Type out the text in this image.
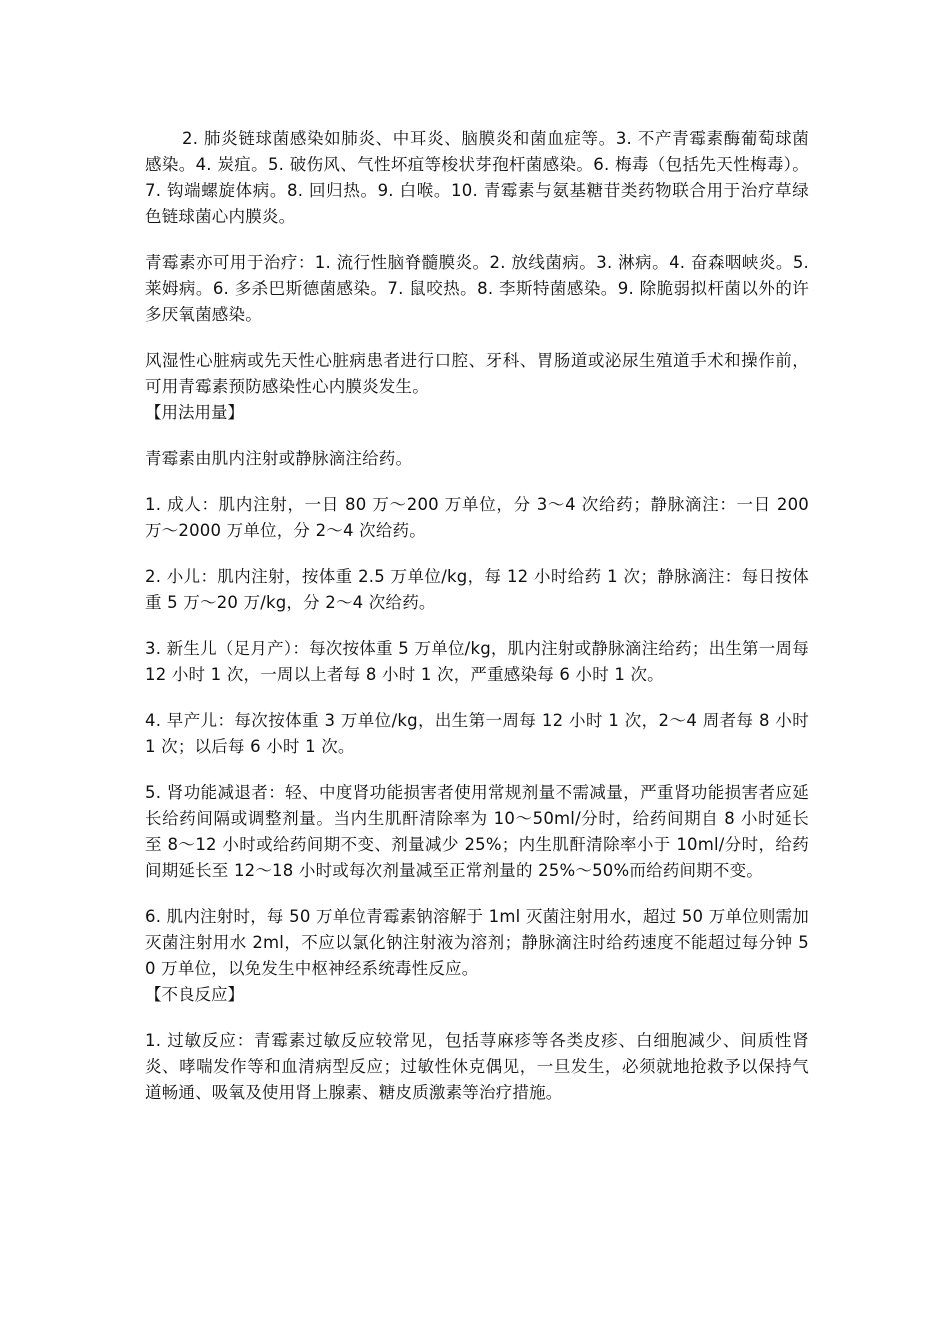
2. 肺炎链球菌感染如肺炎、中耳炎、脑膜炎和菌血症等。3. 不产青霉素酶葡萄球菌感染。4. 炭疽。5. 破伤风、气性坏疽等梭状芽孢杆菌感染。6. 梅毒（包括先天性梅毒）。7. 钩端螺旋体病。8. 回归热。9. 白喉。10. 青霉素与氨基糖苷类药物联合用于治疗草绿色链球菌心内膜炎。

青霉素亦可用于治疗：1. 流行性脑脊髓膜炎。2. 放线菌病。3. 淋病。4. 奋森咽峡炎。5. 莱姆病。6. 多杀巴斯德菌感染。7. 鼠咬热。8. 李斯特菌感染。9. 除脆弱拟杆菌以外的许多厌氧菌感染。

风湿性心脏病或先天性心脏病患者进行口腔、牙科、胃肠道或泌尿生殖道手术和操作前，可用青霉素预防感染性心内膜炎发生。

【用法用量】

青霉素由肌内注射或静脉滴注给药。

1. 成人：肌内注射，一日 80 万～200 万单位，分 3～4 次给药；静脉滴注：一日 200 万～2000 万单位，分 2～4 次给药。

2. 小儿：肌内注射，按体重 2.5 万单位/kg，每 12 小时给药 1 次；静脉滴注：每日按体重 5 万～20 万/kg，分 2～4 次给药。

3. 新生儿（足月产）：每次按体重 5 万单位/kg，肌内注射或静脉滴注给药；出生第一周每 12 小时 1 次，一周以上者每 8 小时 1 次，严重感染每 6 小时 1 次。

4. 早产儿：每次按体重 3 万单位/kg，出生第一周每 12 小时 1 次，2～4 周者每 8 小时 1 次；以后每 6 小时 1 次。

5. 肾功能减退者：轻、中度肾功能损害者使用常规剂量不需减量，严重肾功能损害者应延长给药间隔或调整剂量。当内生肌酐清除率为 10～50ml/分时，给药间期自 8 小时延长至 8～12 小时或给药间期不变、剂量减少 25%；内生肌酐清除率小于 10ml/分时，给药间期延长至 12～18 小时或每次剂量减至正常剂量的 25%～50%而给药间期不变。

6. 肌内注射时，每 50 万单位青霉素钠溶解于 1ml 灭菌注射用水，超过 50 万单位则需加灭菌注射用水 2ml，不应以氯化钠注射液为溶剂；静脉滴注时给药速度不能超过每分钟 50 万单位，以免发生中枢神经系统毒性反应。

【不良反应】

1. 过敏反应：青霉素过敏反应较常见，包括荨麻疹等各类皮疹、白细胞减少、间质性肾炎、哮喘发作等和血清病型反应；过敏性休克偶见，一旦发生，必须就地抢救予以保持气道畅通、吸氧及使用肾上腺素、糖皮质激素等治疗措施。
